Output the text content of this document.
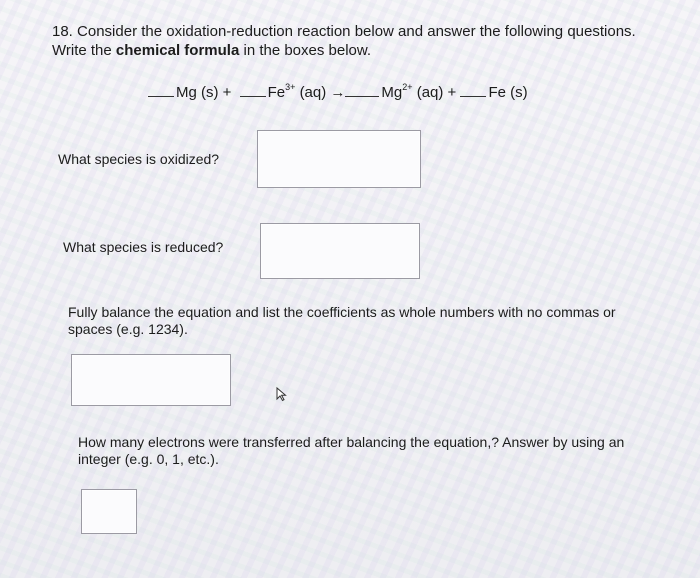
18. Consider the oxidation-reduction reaction below and answer the following questions.
Write the chemical formula in the boxes below.
Mg $(s) + Fe^{3+}$ $(aq) \to Mg^{2+}$ (aq) + Fe (s)
What species is oxidized?
What species is reduced?
Fully balance the equation and list the coefficients as whole numbers with no commas or spaces (e.g. 1234).
How many electrons were transferred after balancing the equation,? Answer by using an integer (e.g. 0, 1, etc.).
